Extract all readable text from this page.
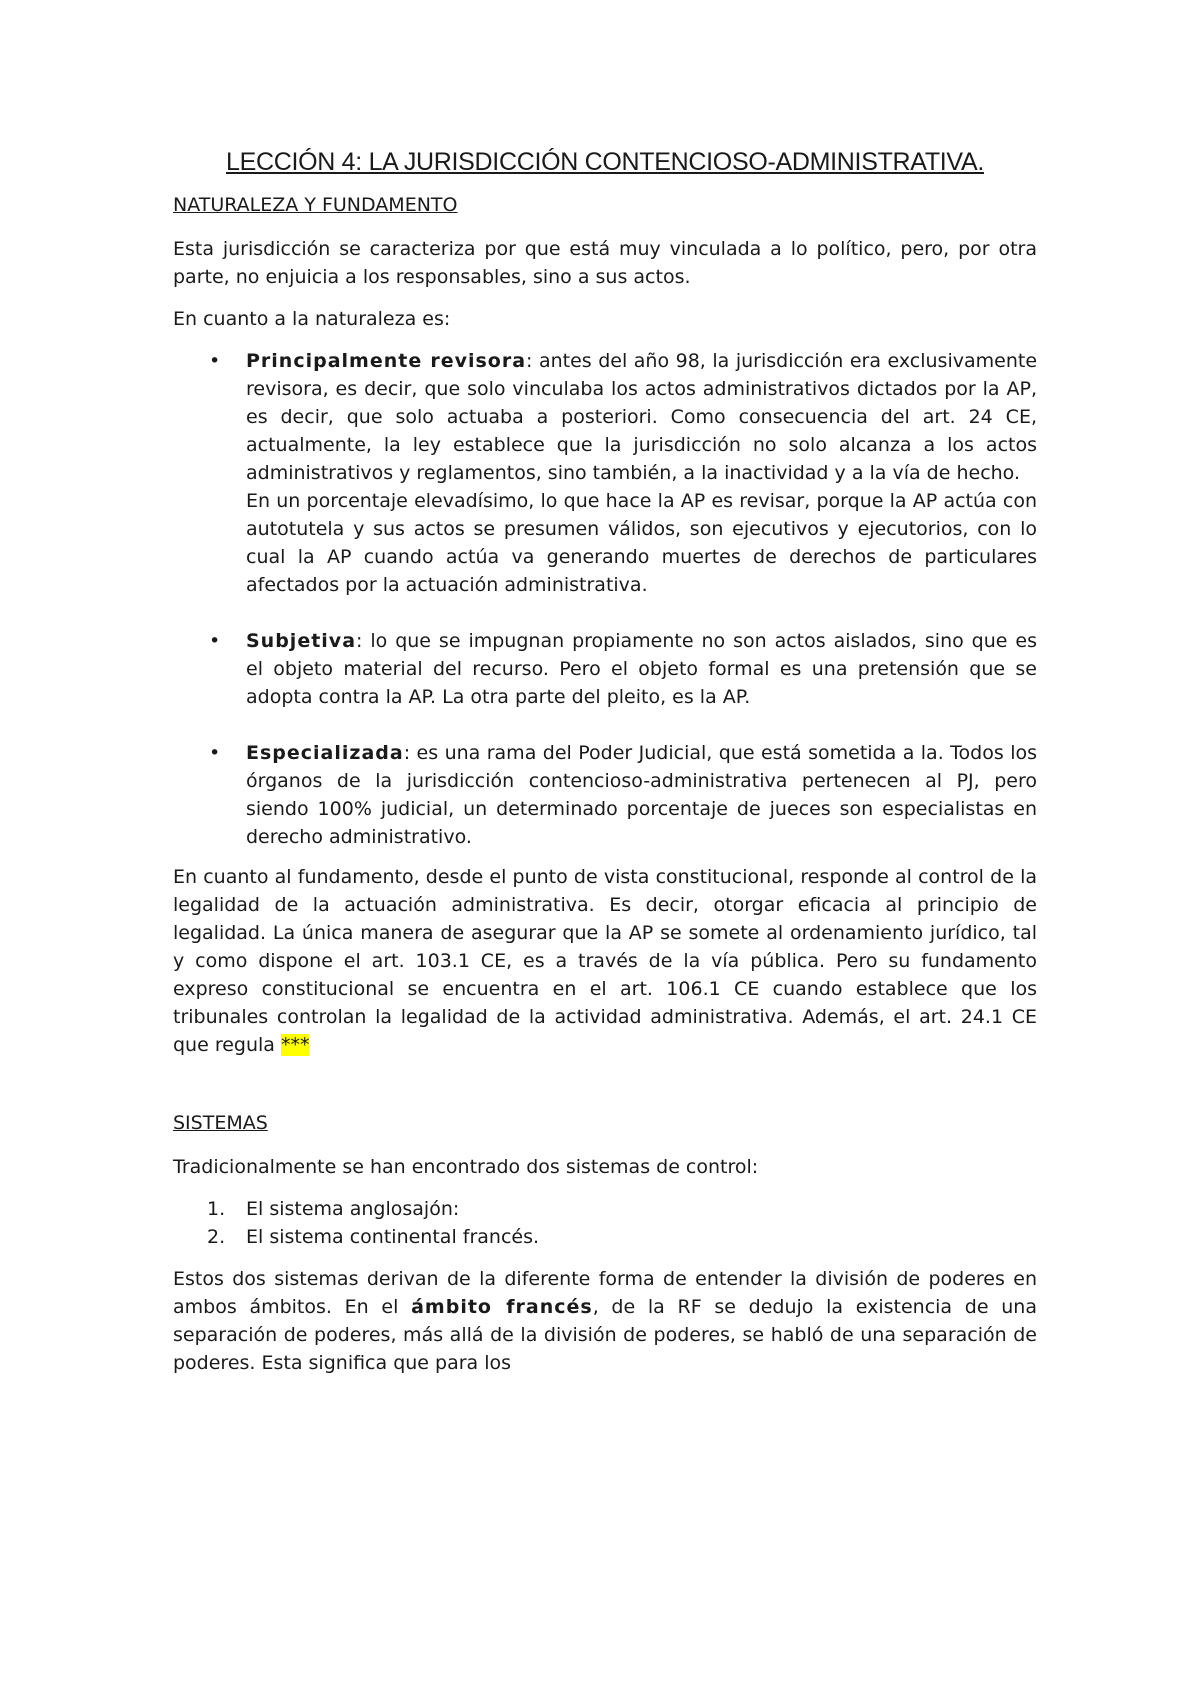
LECCIÓN 4: LA JURISDICCIÓN CONTENCIOSO-ADMINISTRATIVA.
NATURALEZA Y FUNDAMENTO

Esta jurisdicción se caracteriza por que está muy vinculada a lo político, pero, por otra parte, no enjuicia a los responsables, sino a sus actos.

En cuanto a la naturaleza es:

• Principalmente revisora: antes del año 98, la jurisdicción era exclusivamente revisora, es decir, que solo vinculaba los actos administrativos dictados por la AP, es decir, que solo actuaba a posteriori. Como consecuencia del art. 24 CE, actualmente, la ley establece que la jurisdicción no solo alcanza a los actos administrativos y reglamentos, sino también, a la inactividad y a la vía de hecho.

En un porcentaje elevadísimo, lo que hace la AP es revisar, porque la AP actúa con autotutela y sus actos se presumen válidos, son ejecutivos y ejecutorios, con lo cual la AP cuando actúa va generando muertes de derechos de particulares afectados por la actuación administrativa.

• Subjetiva: lo que se impugnan propiamente no son actos aislados, sino que es el objeto material del recurso. Pero el objeto formal es una pretensión que se adopta contra la AP. La otra parte del pleito, es la AP.

• Especializada: es una rama del Poder Judicial, que está sometida a la. Todos los órganos de la jurisdicción contencioso-administrativa pertenecen al PJ, pero siendo 100% judicial, un determinado porcentaje de jueces son especialistas en derecho administrativo.

En cuanto al fundamento, desde el punto de vista constitucional, responde al control de la legalidad de la actuación administrativa. Es decir, otorgar eficacia al principio de legalidad. La única manera de asegurar que la AP se somete al ordenamiento jurídico, tal y como dispone el art. 103.1 CE, es a través de la vía pública. Pero su fundamento expreso constitucional se encuentra en el art. 106.1 CE cuando establece que los tribunales controlan la legalidad de la actividad administrativa. Además, el art. 24.1 CE que regula ***

SISTEMAS

Tradicionalmente se han encontrado dos sistemas de control:

1. El sistema anglosajón:
2. El sistema continental francés.

Estos dos sistemas derivan de la diferente forma de entender la división de poderes en ambos ámbitos. En el ámbito francés, de la RF se dedujo la existencia de una separación de poderes, más allá de la división de poderes, se habló de una separación de poderes. Esta significa que para los
